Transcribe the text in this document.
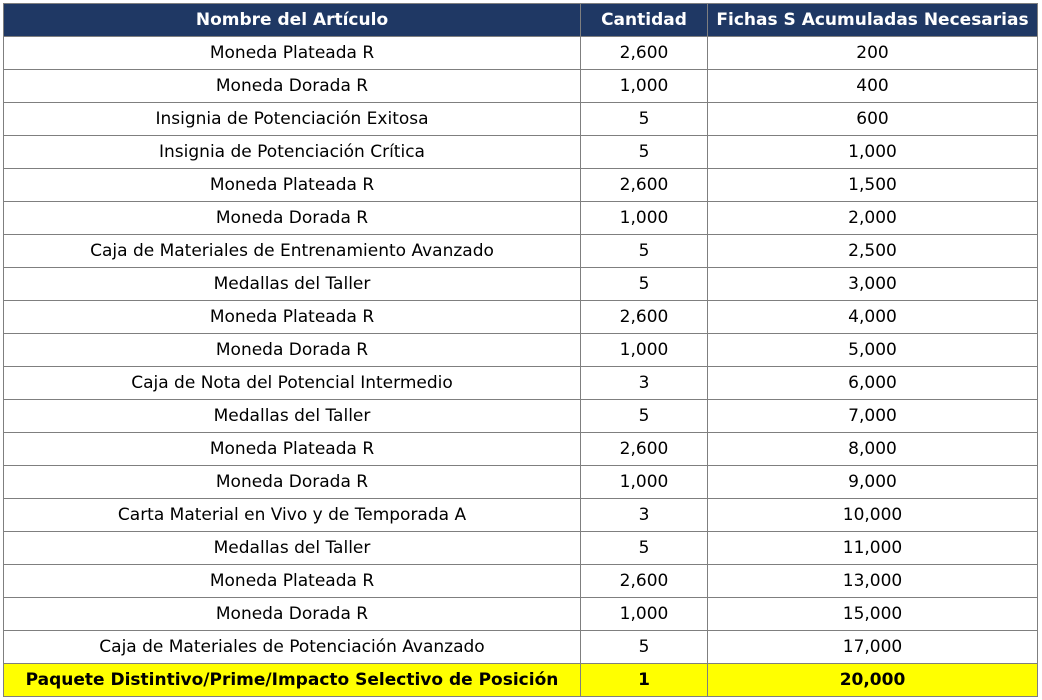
Nombre del Artículo	Cantidad	Fichas S Acumuladas Necesarias
Moneda Plateada R	2,600	200
Moneda Dorada R	1,000	400
Insignia de Potenciación Exitosa	5	600
Insignia de Potenciación Crítica	5	1,000
Moneda Plateada R	2,600	1,500
Moneda Dorada R	1,000	2,000
Caja de Materiales de Entrenamiento Avanzado	5	2,500
Medallas del Taller	5	3,000
Moneda Plateada R	2,600	4,000
Moneda Dorada R	1,000	5,000
Caja de Nota del Potencial Intermedio	3	6,000
Medallas del Taller	5	7,000
Moneda Plateada R	2,600	8,000
Moneda Dorada R	1,000	9,000
Carta Material en Vivo y de Temporada A	3	10,000
Medallas del Taller	5	11,000
Moneda Plateada R	2,600	13,000
Moneda Dorada R	1,000	15,000
Caja de Materiales de Potenciación Avanzado	5	17,000
Paquete Distintivo/Prime/Impacto Selectivo de Posición	1	20,000
